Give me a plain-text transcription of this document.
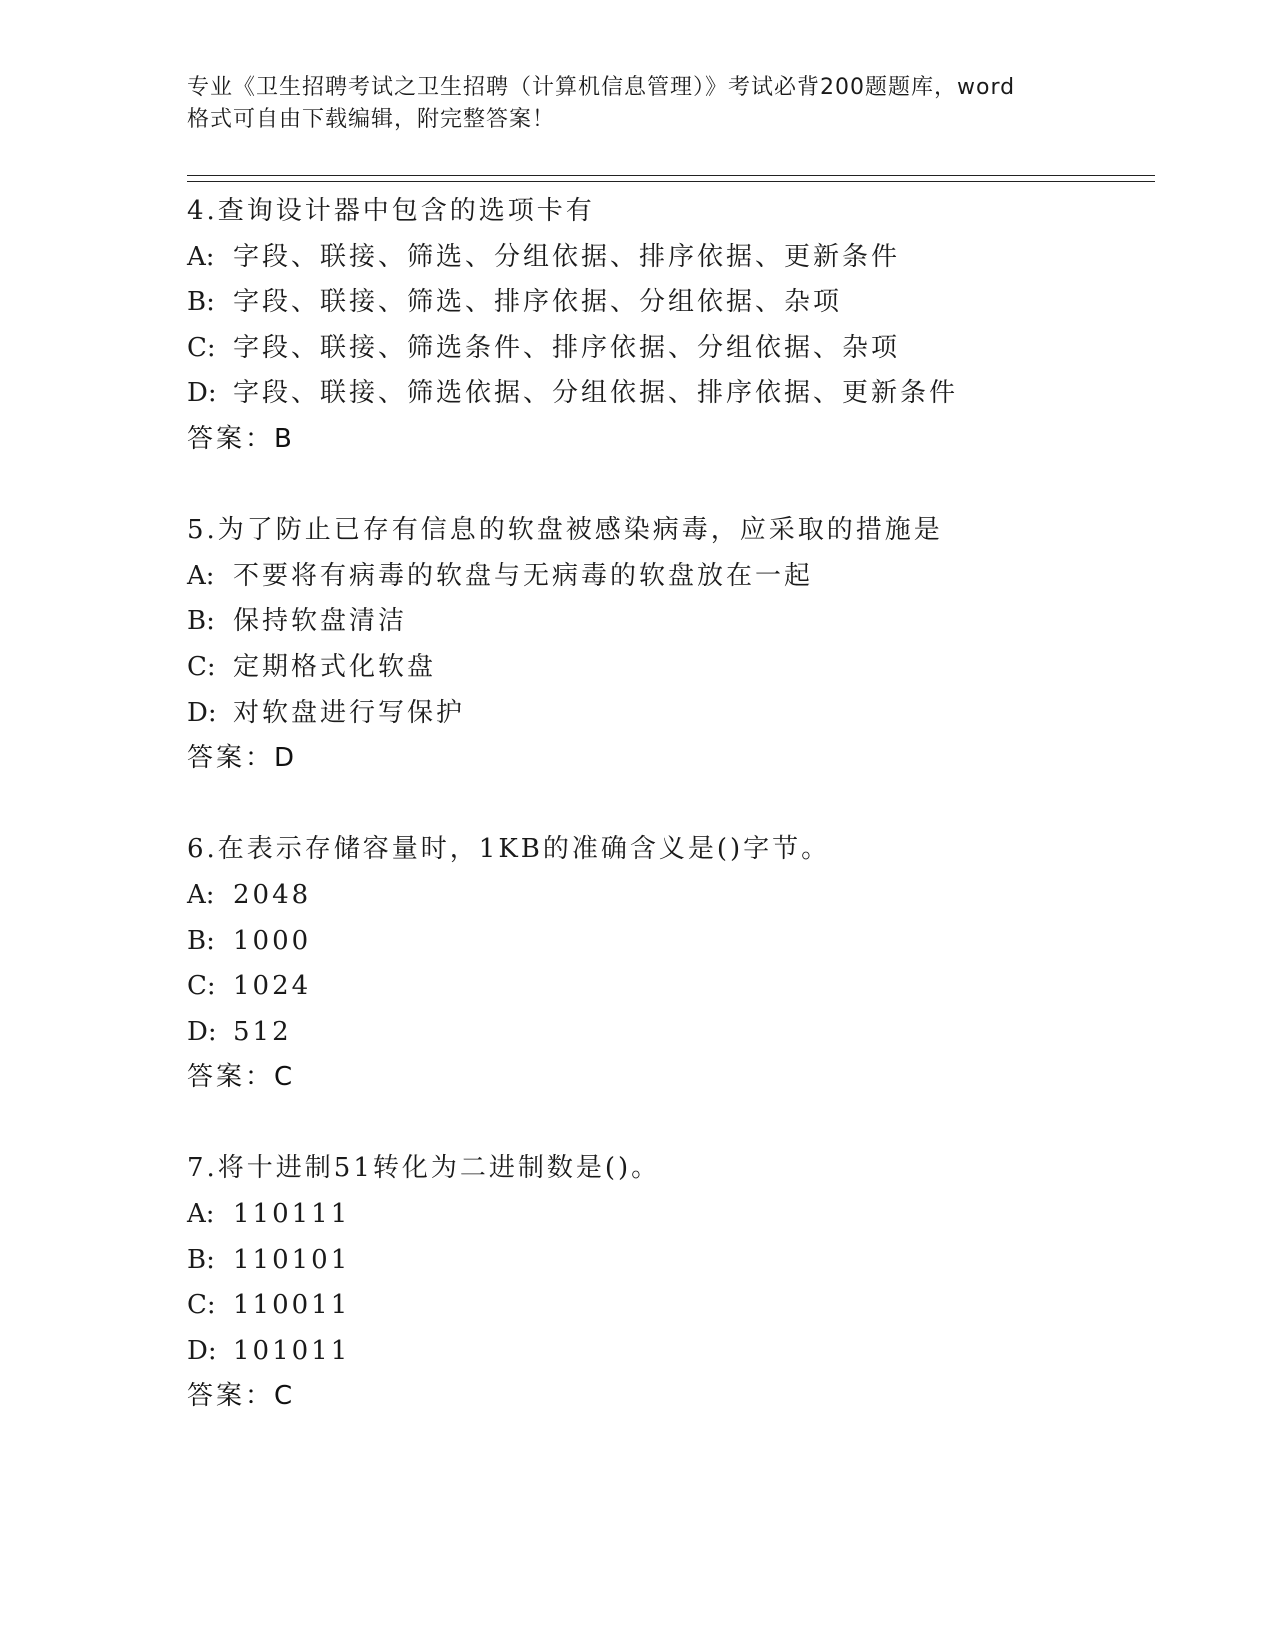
专业《卫生招聘考试之卫生招聘（计算机信息管理）》考试必背200题题库，word
格式可自由下载编辑，附完整答案！
4.查询设计器中包含的选项卡有
A: 字段、联接、筛选、分组依据、排序依据、更新条件
B: 字段、联接、筛选、排序依据、分组依据、杂项
C: 字段、联接、筛选条件、排序依据、分组依据、杂项
D: 字段、联接、筛选依据、分组依据、排序依据、更新条件
答案：B
5.为了防止已存有信息的软盘被感染病毒，应采取的措施是
A: 不要将有病毒的软盘与无病毒的软盘放在一起
B: 保持软盘清洁
C: 定期格式化软盘
D: 对软盘进行写保护
答案：D
6.在表示存储容量时，1KB的准确含义是()字节。
A: 2048
B: 1000
C: 1024
D: 512
答案：C
7.将十进制51转化为二进制数是()。
A: 110111
B: 110101
C: 110011
D: 101011
答案：C
